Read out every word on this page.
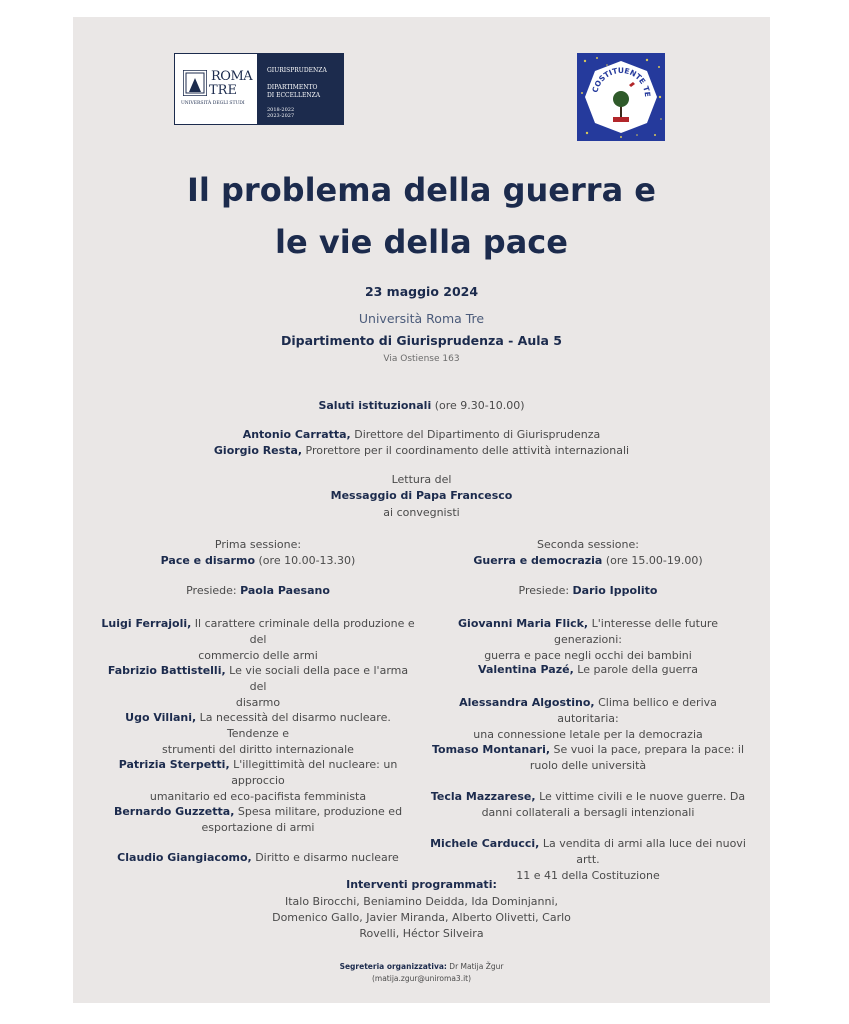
ROMA
TRE
UNIVERSITÀ DEGLI STUDI
GIURISPRUDENZA
DIPARTIMENTO
DI ECCELLENZA
2018-2022
2023-2027
COSTITUENTE TE
Il problema della guerra e
le vie della pace
23 maggio 2024
Università Roma Tre
Dipartimento di Giurisprudenza - Aula 5
Via Ostiense 163
Saluti istituzionali (ore 9.30-10.00)
Antonio Carratta, Direttore del Dipartimento di Giurisprudenza
Giorgio Resta, Prorettore per il coordinamento delle attività internazionali
Lettura del
Messaggio di Papa Francesco
ai convegnisti
Prima sessione:
Pace e disarmo (ore 10.00-13.30)
Presiede: Paola Paesano
Luigi Ferrajoli, Il carattere criminale della produzione e del
commercio delle armi
Fabrizio Battistelli, Le vie sociali della pace e l'arma del
disarmo
Ugo Villani, La necessità del disarmo nucleare. Tendenze e
strumenti del diritto internazionale
Patrizia Sterpetti, L'illegittimità del nucleare: un approccio
umanitario ed eco-pacifista femminista
Bernardo Guzzetta, Spesa militare, produzione ed
esportazione di armi
Claudio Giangiacomo, Diritto e disarmo nucleare
Seconda sessione:
Guerra e democrazia (ore 15.00-19.00)
Presiede: Dario Ippolito
Giovanni Maria Flick, L'interesse delle future generazioni:
guerra e pace negli occhi dei bambini
Valentina Pazé, Le parole della guerra
Alessandra Algostino, Clima bellico e deriva autoritaria:
una connessione letale per la democrazia
Tomaso Montanari, Se vuoi la pace, prepara la pace: il
ruolo delle università
Tecla Mazzarese, Le vittime civili e le nuove guerre. Da
danni collaterali a bersagli intenzionali
Michele Carducci, La vendita di armi alla luce dei nuovi artt.
11 e 41 della Costituzione
Interventi programmati:
Italo Birocchi, Beniamino Deidda, Ida Dominjanni,
Domenico Gallo, Javier Miranda, Alberto Olivetti, Carlo
Rovelli, Héctor Silveira
Segreteria organizzativa: Dr Matija Žgur
(matija.zgur@uniroma3.it)
